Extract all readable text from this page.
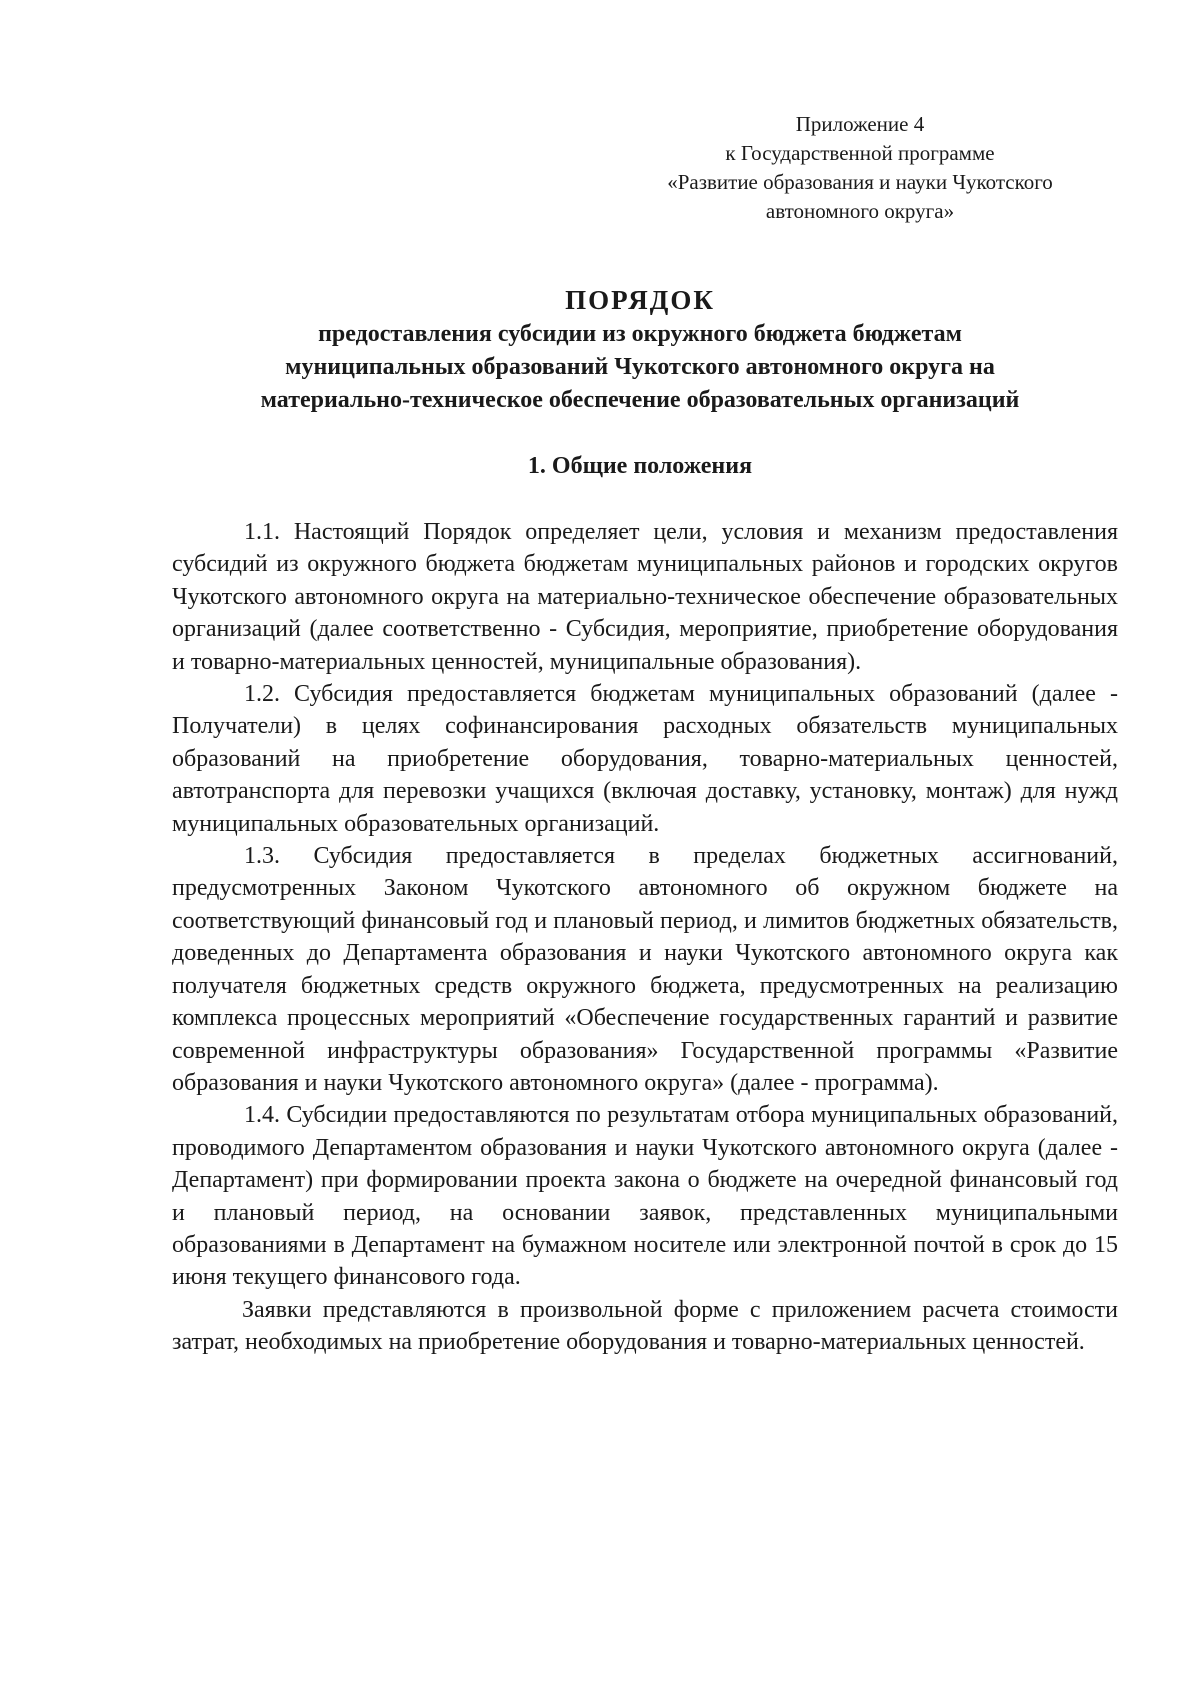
Приложение 4
к Государственной программе
«Развитие образования и науки Чукотского
автономного округа»
ПОРЯДОК
предоставления субсидии из окружного бюджета бюджетам
муниципальных образований Чукотского автономного округа на
материально-техническое обеспечение образовательных организаций
1. Общие положения

1.1. Настоящий Порядок определяет цели, условия и механизм предоставления субсидий из окружного бюджета бюджетам муниципальных районов и городских округов Чукотского автономного округа на материально-техническое обеспечение образовательных организаций (далее соответственно - Субсидия, мероприятие, приобретение оборудования и товарно-материальных ценностей, муниципальные образования).

1.2. Субсидия предоставляется бюджетам муниципальных образований (далее - Получатели) в целях софинансирования расходных обязательств муниципальных образований на приобретение оборудования, товарно-материальных ценностей, автотранспорта для перевозки учащихся (включая доставку, установку, монтаж) для нужд муниципальных образовательных организаций.

1.3. Субсидия предоставляется в пределах бюджетных ассигнований, предусмотренных Законом Чукотского автономного об окружном бюджете на соответствующий финансовый год и плановый период, и лимитов бюджетных обязательств, доведенных до Департамента образования и науки Чукотского автономного округа как получателя бюджетных средств окружного бюджета, предусмотренных на реализацию комплекса процессных мероприятий «Обеспечение государственных гарантий и развитие современной инфраструктуры образования» Государственной программы «Развитие образования и науки Чукотского автономного округа» (далее - программа).

1.4. Субсидии предоставляются по результатам отбора муниципальных образований, проводимого Департаментом образования и науки Чукотского автономного округа (далее - Департамент) при формировании проекта закона о бюджете на очередной финансовый год и плановый период, на основании заявок, представленных муниципальными образованиями в Департамент на бумажном носителе или электронной почтой в срок до 15 июня текущего финансового года.

Заявки представляются в произвольной форме с приложением расчета стоимости затрат, необходимых на приобретение оборудования и товарно-материальных ценностей.
